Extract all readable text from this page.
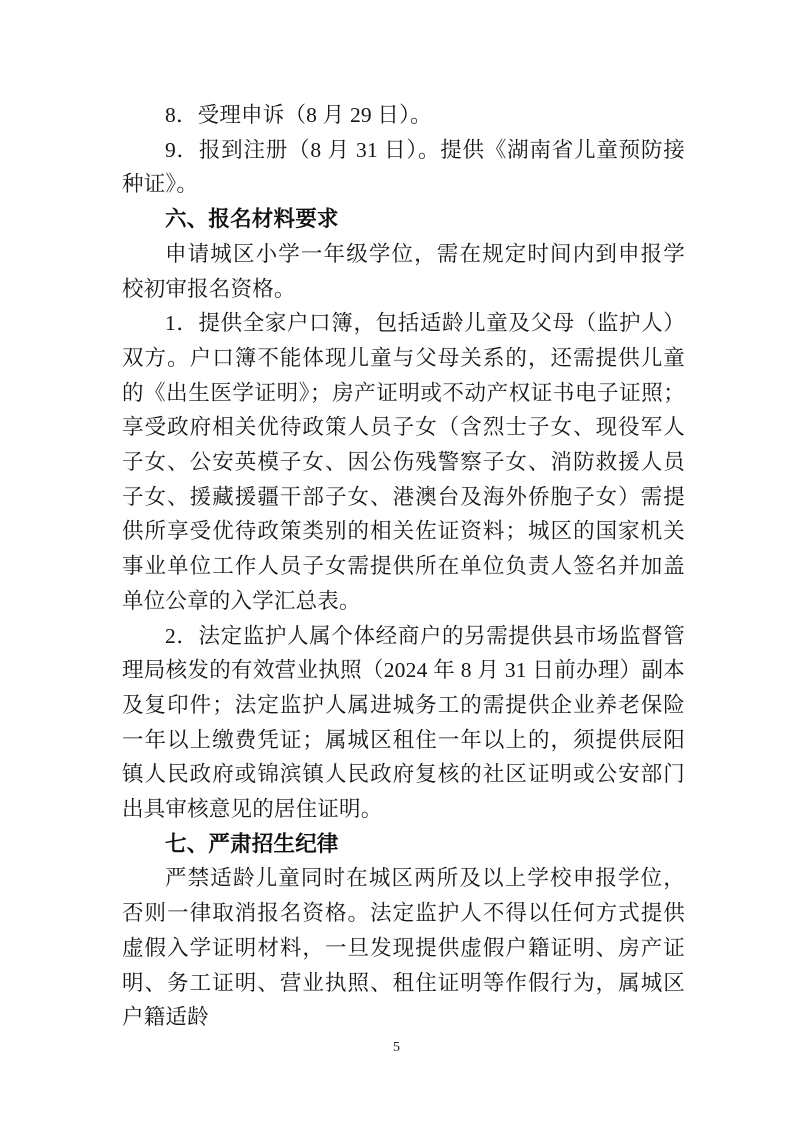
8．受理申诉（8 月 29 日）。

9．报到注册（8 月 31 日）。提供《湖南省儿童预防接种证》。

六、报名材料要求

申请城区小学一年级学位，需在规定时间内到申报学校初审报名资格。

1．提供全家户口簿，包括适龄儿童及父母（监护人）双方。户口簿不能体现儿童与父母关系的，还需提供儿童的《出生医学证明》；房产证明或不动产权证书电子证照；享受政府相关优待政策人员子女（含烈士子女、现役军人子女、公安英模子女、因公伤残警察子女、消防救援人员子女、援藏援疆干部子女、港澳台及海外侨胞子女）需提供所享受优待政策类别的相关佐证资料；城区的国家机关事业单位工作人员子女需提供所在单位负责人签名并加盖单位公章的入学汇总表。

2．法定监护人属个体经商户的另需提供县市场监督管理局核发的有效营业执照（2024 年 8 月 31 日前办理）副本及复印件；法定监护人属进城务工的需提供企业养老保险一年以上缴费凭证；属城区租住一年以上的，须提供辰阳镇人民政府或锦滨镇人民政府复核的社区证明或公安部门出具审核意见的居住证明。

七、严肃招生纪律

严禁适龄儿童同时在城区两所及以上学校申报学位，否则一律取消报名资格。法定监护人不得以任何方式提供虚假入学证明材料，一旦发现提供虚假户籍证明、房产证明、务工证明、营业执照、租住证明等作假行为，属城区户籍适龄

5
